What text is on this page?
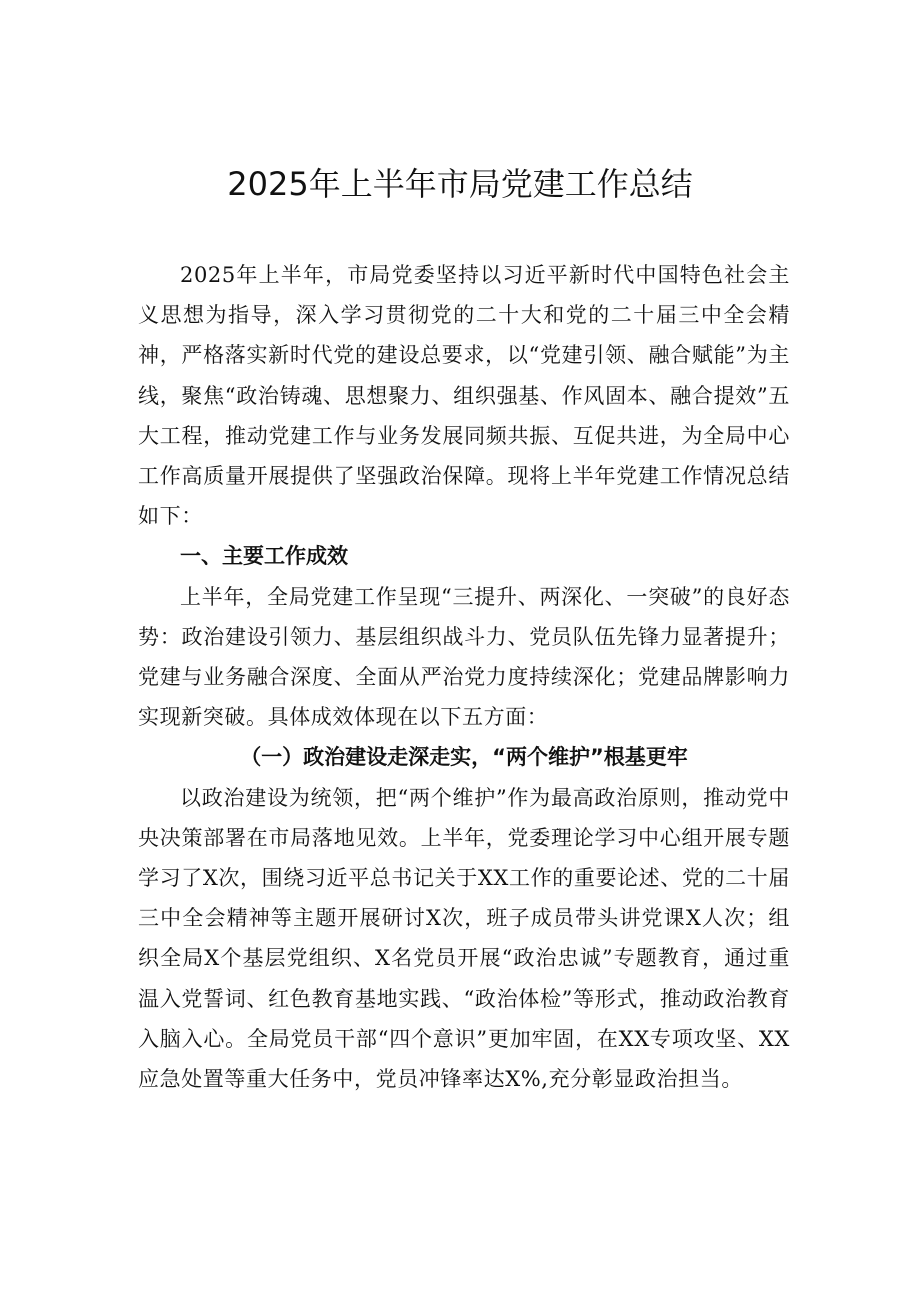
2025年上半年市局党建工作总结

2025年上半年，市局党委坚持以习近平新时代中国特色社会主义思想为指导，深入学习贯彻党的二十大和党的二十届三中全会精神，严格落实新时代党的建设总要求，以“党建引领、融合赋能”为主线，聚焦“政治铸魂、思想聚力、组织强基、作风固本、融合提效”五大工程，推动党建工作与业务发展同频共振、互促共进，为全局中心工作高质量开展提供了坚强政治保障。现将上半年党建工作情况总结如下：

一、主要工作成效

上半年，全局党建工作呈现“三提升、两深化、一突破”的良好态势：政治建设引领力、基层组织战斗力、党员队伍先锋力显著提升；党建与业务融合深度、全面从严治党力度持续深化；党建品牌影响力实现新突破。具体成效体现在以下五方面：

（一）政治建设走深走实，“两个维护”根基更牢

以政治建设为统领，把“两个维护”作为最高政治原则，推动党中央决策部署在市局落地见效。上半年，党委理论学习中心组开展专题学习了X次，围绕习近平总书记关于XX工作的重要论述、党的二十届三中全会精神等主题开展研讨X次，班子成员带头讲党课X人次；组织全局X个基层党组织、X名党员开展“政治忠诚”专题教育，通过重温入党誓词、红色教育基地实践、“政治体检”等形式，推动政治教育入脑入心。全局党员干部“四个意识”更加牢固，在XX专项攻坚、XX应急处置等重大任务中，党员冲锋率达X%,充分彰显政治担当。
